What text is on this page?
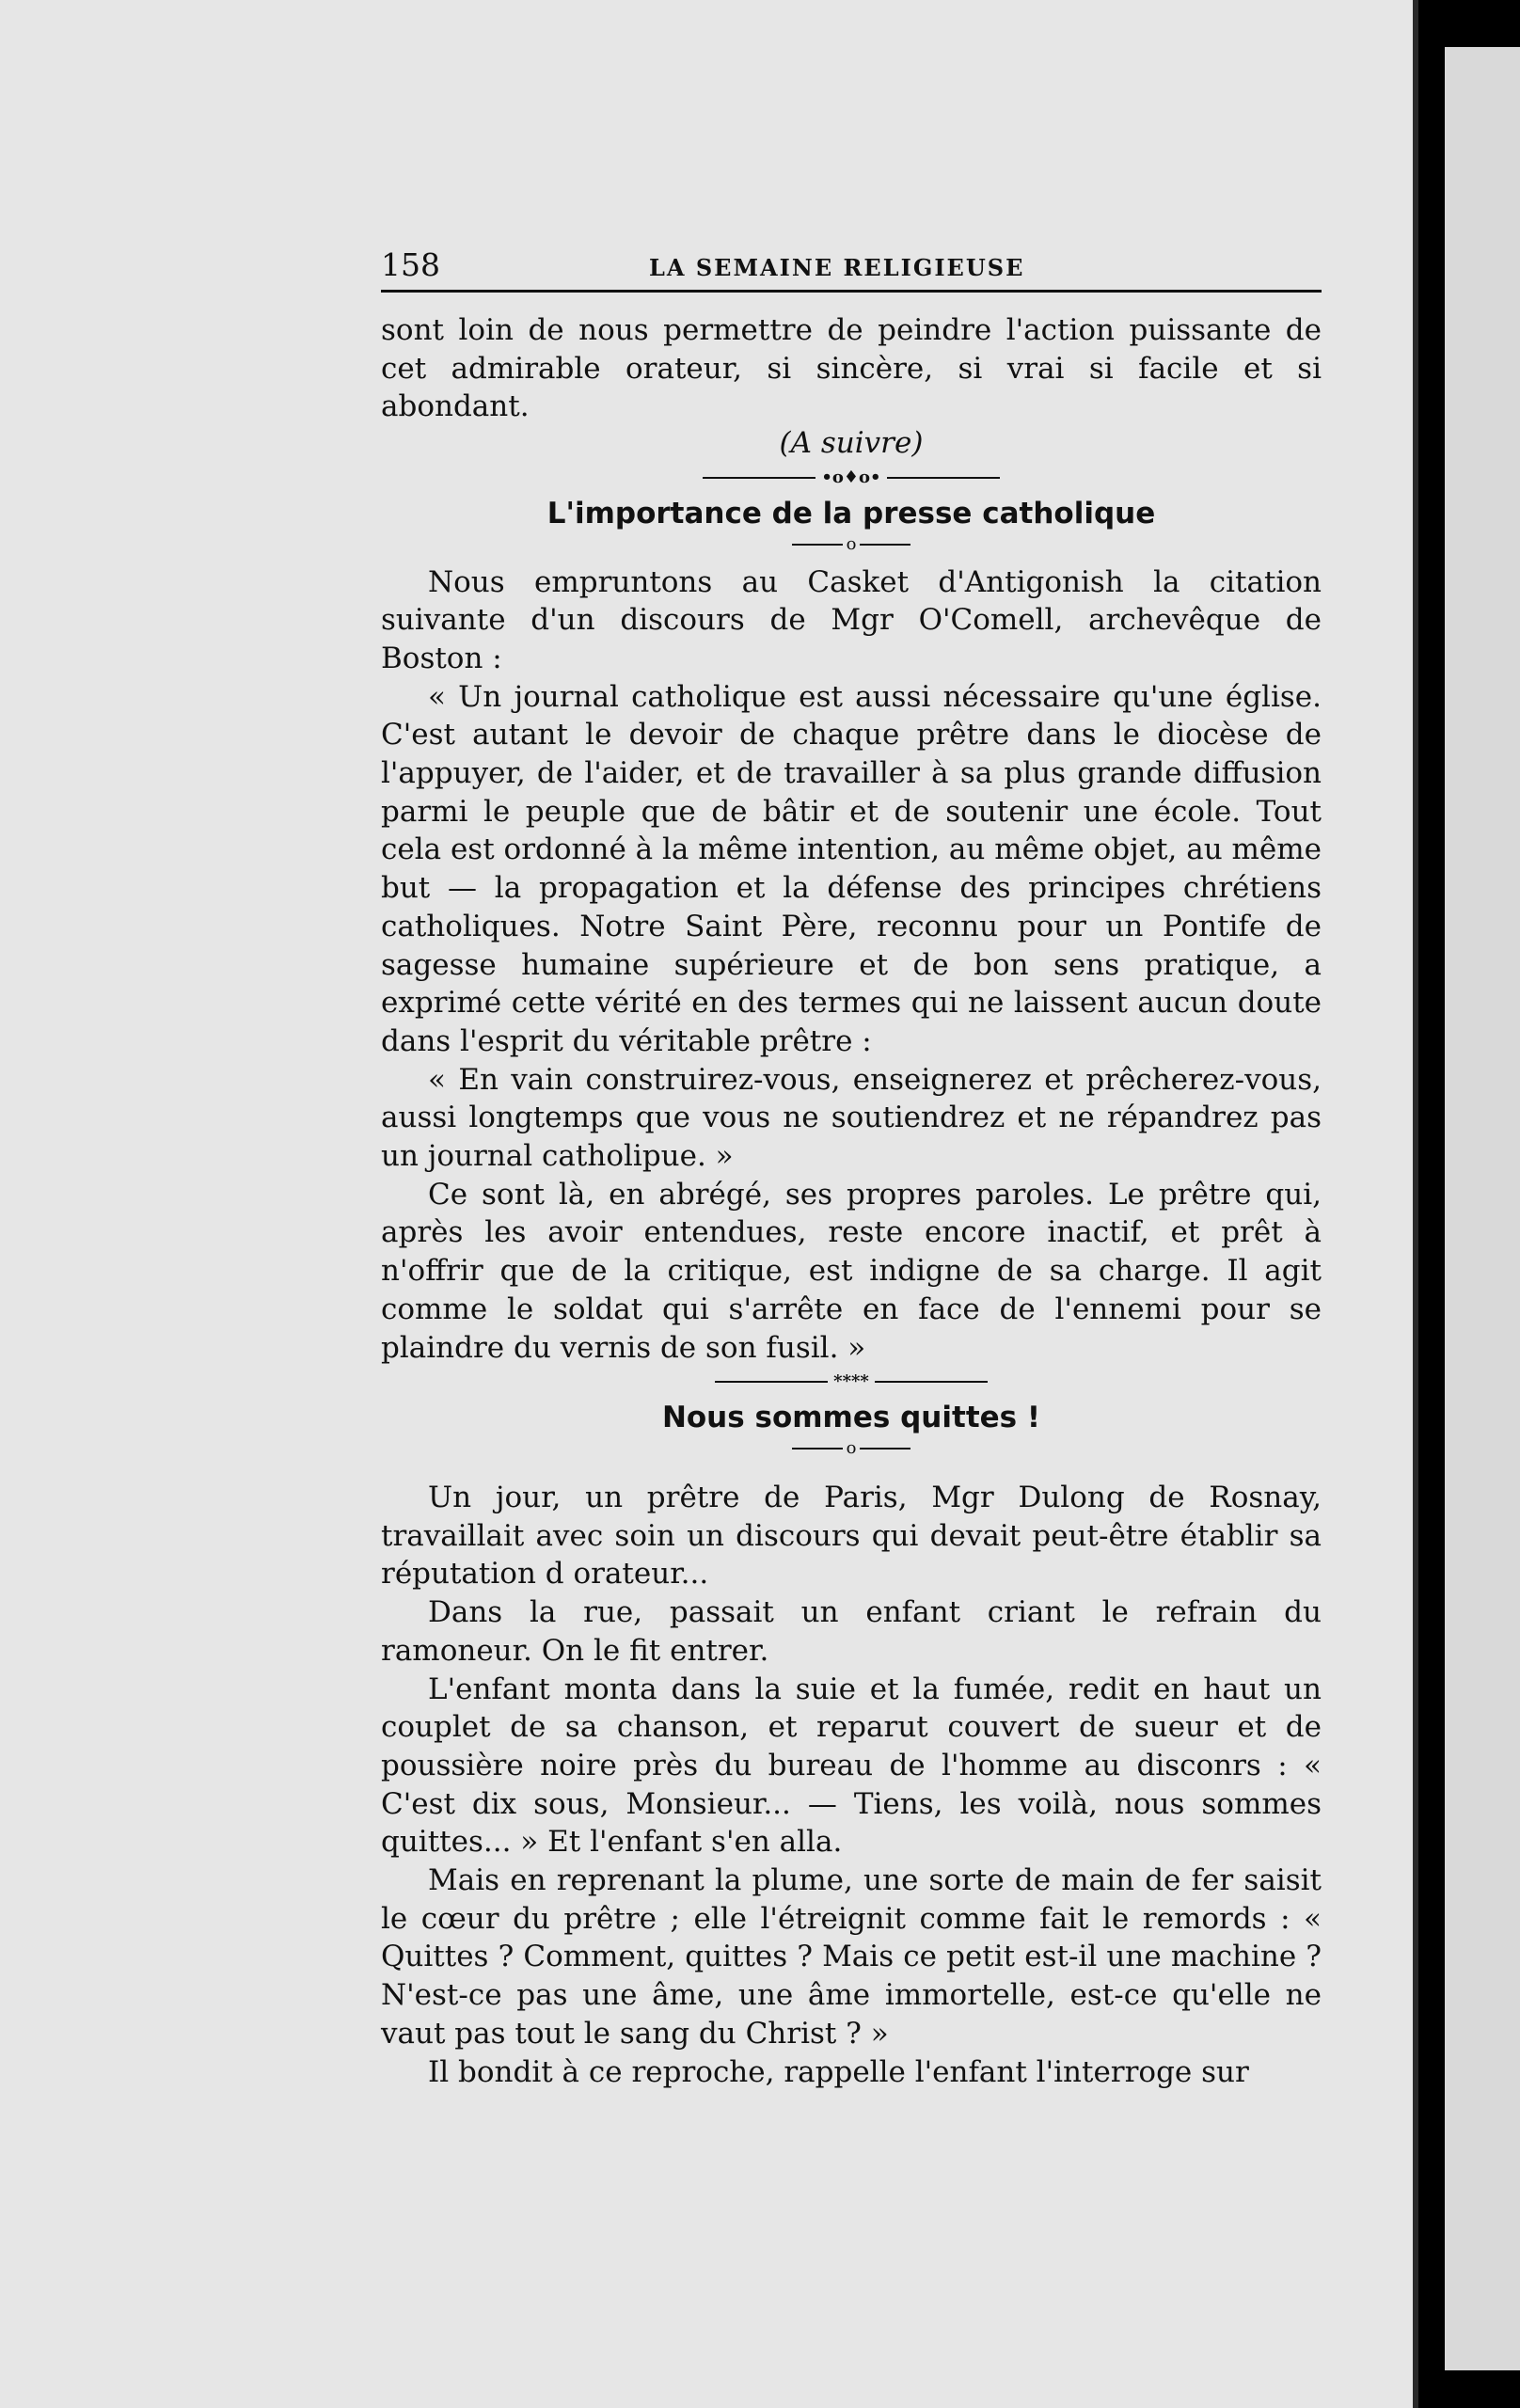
158	LA SEMAINE RELIGIEUSE

sont loin de nous permettre de peindre l'action puissante de cet admirable orateur, si sincère, si vrai si facile et si abondant.

(A suivre)
•o♦o•
L'importance de la presse catholique
o

Nous empruntons au Casket d'Antigonish la citation suivante d'un discours de Mgr O'Comell, archevêque de Boston :

« Un journal catholique est aussi nécessaire qu'une église. C'est autant le devoir de chaque prêtre dans le diocèse de l'appuyer, de l'aider, et de travailler à sa plus grande diffusion parmi le peuple que de bâtir et de soutenir une école. Tout cela est ordonné à la même intention, au même objet, au même but — la propagation et la défense des principes chrétiens catholiques. Notre Saint Père, reconnu pour un Pontife de sagesse humaine supérieure et de bon sens pratique, a exprimé cette vérité en des termes qui ne laissent aucun doute dans l'esprit du véritable prêtre :

« En vain construirez-vous, enseignerez et prêcherez-vous, aussi longtemps que vous ne soutiendrez et ne répandrez pas un journal catholipue. »

Ce sont là, en abrégé, ses propres paroles. Le prêtre qui, après les avoir entendues, reste encore inactif, et prêt à n'offrir que de la critique, est indigne de sa charge. Il agit comme le soldat qui s'arrête en face de l'ennemi pour se plaindre du vernis de son fusil. »

****
Nous sommes quittes !
o

Un jour, un prêtre de Paris, Mgr Dulong de Rosnay, travaillait avec soin un discours qui devait peut-être établir sa réputation d orateur...

Dans la rue, passait un enfant criant le refrain du ramoneur. On le fit entrer.

L'enfant monta dans la suie et la fumée, redit en haut un couplet de sa chanson, et reparut couvert de sueur et de poussière noire près du bureau de l'homme au disconrs : « C'est dix sous, Monsieur... — Tiens, les voilà, nous sommes quittes... » Et l'enfant s'en alla.

Mais en reprenant la plume, une sorte de main de fer saisit le cœur du prêtre ; elle l'étreignit comme fait le remords : « Quittes ? Comment, quittes ? Mais ce petit est-il une machine ? N'est-ce pas une âme, une âme immortelle, est-ce qu'elle ne vaut pas tout le sang du Christ ? »

Il bondit à ce reproche, rappelle l'enfant l'interroge sur
